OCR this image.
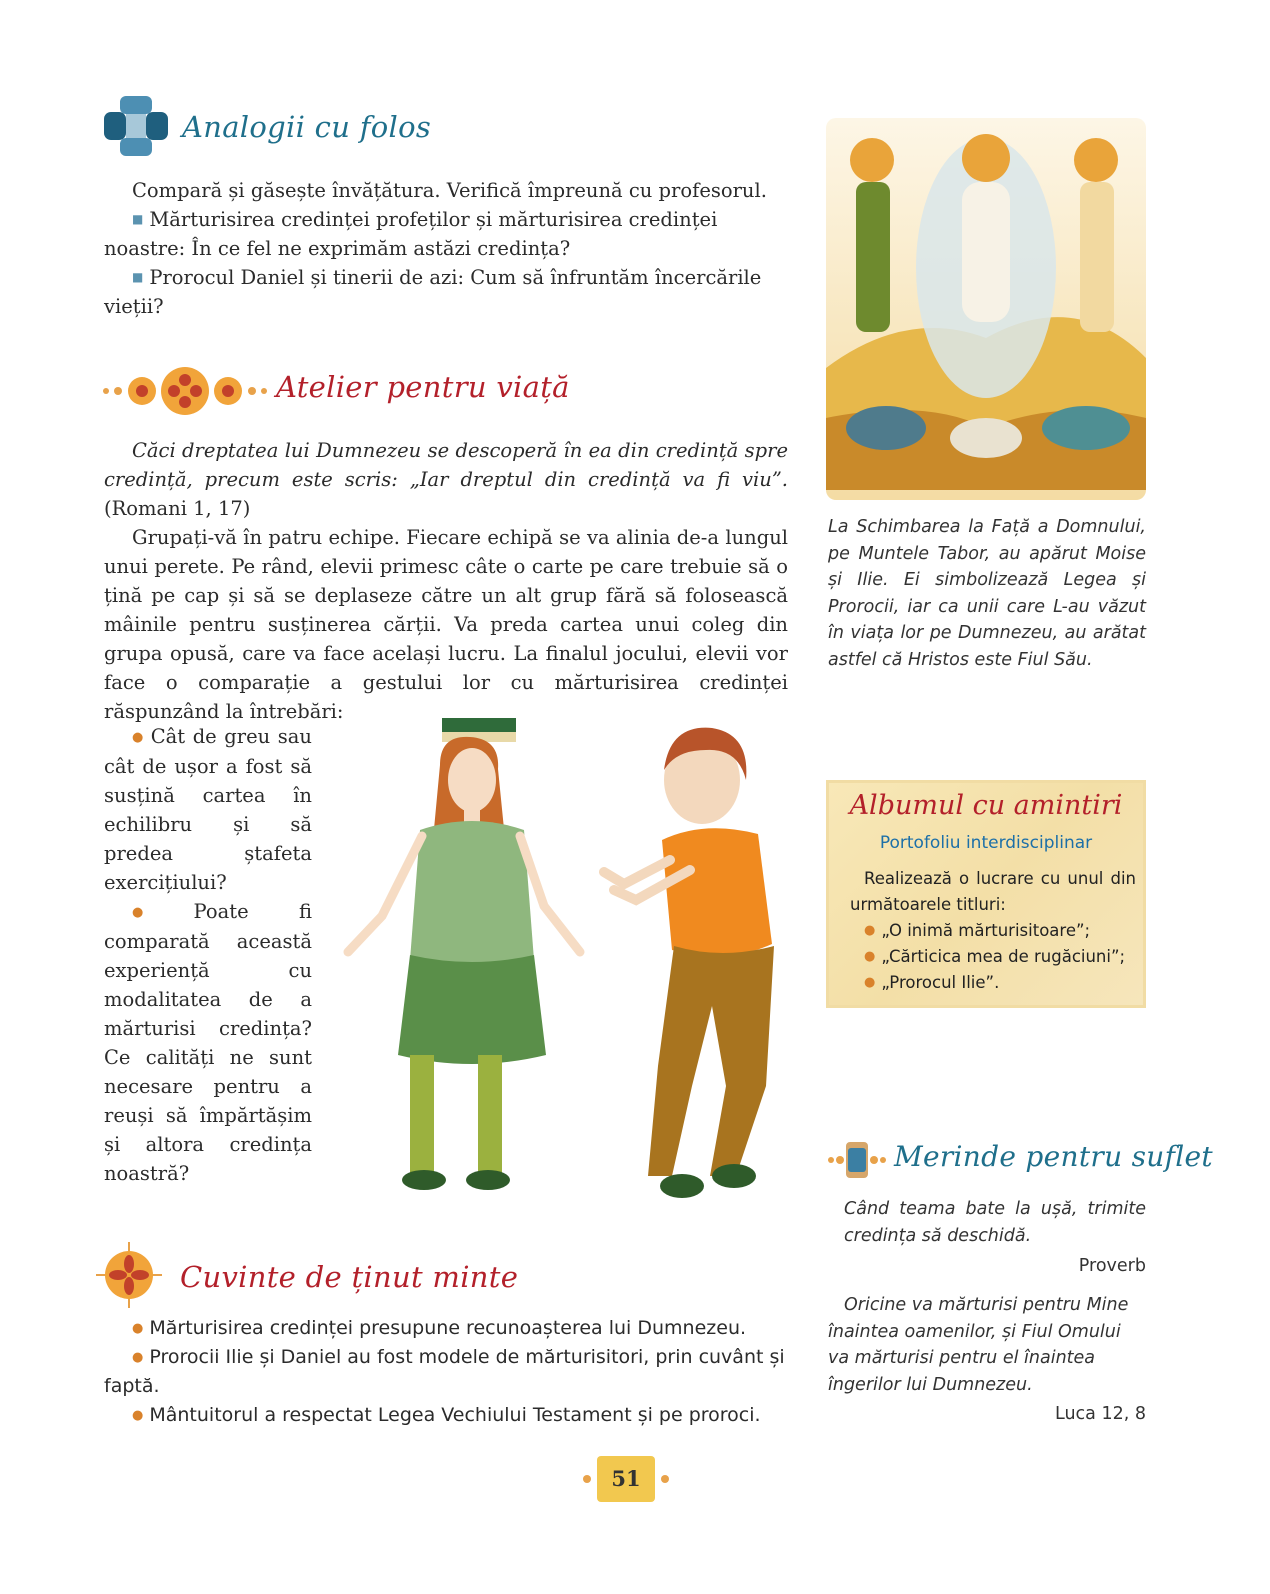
Analogii cu folos

Compară și găsește învățătura. Verifică împreună cu profesorul.

■ Mărturisirea credinței profeților și mărturisirea credinței noastre: În ce fel ne exprimăm astăzi credința?

■ Prorocul Daniel și tinerii de azi: Cum să înfruntăm încercările vieții?

Atelier pentru viață

Căci dreptatea lui Dumnezeu se descoperă în ea din credință spre credință, precum este scris: „Iar dreptul din credință va fi viu”. (Romani 1, 17)

Grupați-vă în patru echipe. Fiecare echipă se va alinia de-a lungul unui perete. Pe rând, elevii primesc câte o carte pe care trebuie să o țină pe cap și să se deplaseze către un alt grup fără să folosească mâinile pentru susținerea cărții. Va preda cartea unui coleg din grupa opusă, care va face același lucru. La finalul jocului, elevii vor face o comparație a gestului lor cu mărturisirea credinței răspunzând la întrebări:

● Cât de greu sau cât de ușor a fost să susțină cartea în echilibru și să predea ștafeta exercițiului?

● Poate fi comparată această experiență cu modalitatea de a mărturisi credința? Ce calități ne sunt necesare pentru a reuși să împărtășim și altora credința noastră?

Cuvinte de ținut minte

● Mărturisirea credinței presupune recunoașterea lui Dumnezeu.

● Prorocii Ilie și Daniel au fost modele de mărturisitori, prin cuvânt și faptă.

● Mântuitorul a respectat Legea Vechiului Testament și pe proroci.

La Schimbarea la Față a Domnului, pe Muntele Tabor, au apărut Moise și Ilie. Ei simbolizează Legea și Prorocii, iar ca unii care L-au văzut în viața lor pe Dumnezeu, au arătat astfel că Hristos este Fiul Său.
Albumul cu amintiri
Portofoliu interdisciplinar
Realizează o lucrare cu unul din următoarele titluri:
● „O inimă mărturisitoare”;
● „Cărticica mea de rugăciuni”;
● „Prorocul Ilie”.
Merinde pentru suflet
Când teama bate la ușă, trimite credința să deschidă.
Proverb
Oricine va mărturisi pentru Mine înaintea oamenilor, și Fiul Omului va mărturisi pentru el înaintea îngerilor lui Dumnezeu.
Luca 12, 8
51
